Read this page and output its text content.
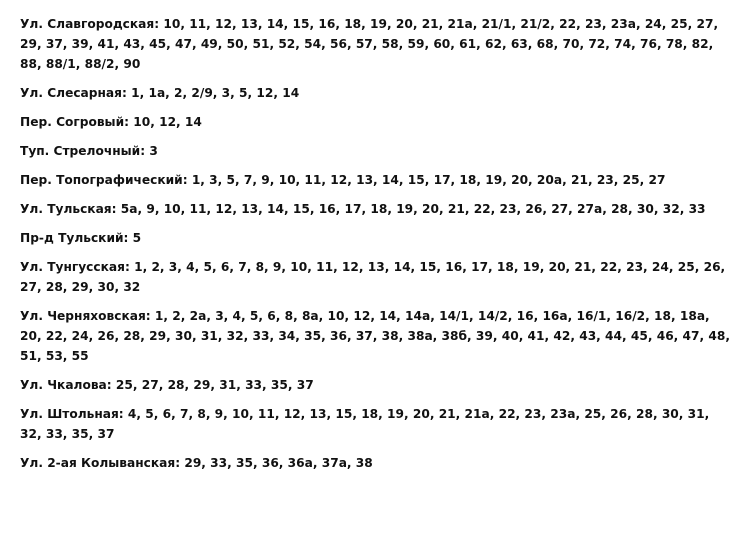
Ул. Славгородская: 10, 11, 12, 13, 14, 15, 16, 18, 19, 20, 21, 21а, 21/1, 21/2, 22, 23, 23а, 24, 25, 27, 29, 37, 39, 41, 43, 45, 47, 49, 50, 51, 52, 54, 56, 57, 58, 59, 60, 61, 62, 63, 68, 70, 72, 74, 76, 78, 82, 88, 88/1, 88/2, 90

Ул. Слесарная: 1, 1а, 2, 2/9, 3, 5, 12, 14

Пер. Согровый: 10, 12, 14

Туп. Стрелочный: 3

Пер. Топографический: 1, 3, 5, 7, 9, 10, 11, 12, 13, 14, 15, 17, 18, 19, 20, 20а, 21, 23, 25, 27

Ул. Тульская: 5а, 9, 10, 11, 12, 13, 14, 15, 16, 17, 18, 19, 20, 21, 22, 23, 26, 27, 27а, 28, 30, 32, 33

Пр-д Тульский: 5

Ул. Тунгусская: 1, 2, 3, 4, 5, 6, 7, 8, 9, 10, 11, 12, 13, 14, 15, 16, 17, 18, 19, 20, 21, 22, 23, 24, 25, 26, 27, 28, 29, 30, 32

Ул. Черняховская: 1, 2, 2а, 3, 4, 5, 6, 8, 8а, 10, 12, 14, 14а, 14/1, 14/2, 16, 16а, 16/1, 16/2, 18, 18а, 20, 22, 24, 26, 28, 29, 30, 31, 32, 33, 34, 35, 36, 37, 38, 38а, 38б, 39, 40, 41, 42, 43, 44, 45, 46, 47, 48, 51, 53, 55

Ул. Чкалова: 25, 27, 28, 29, 31, 33, 35, 37

Ул. Штольная: 4, 5, 6, 7, 8, 9, 10, 11, 12, 13, 15, 18, 19, 20, 21, 21а, 22, 23, 23а, 25, 26, 28, 30, 31, 32, 33, 35, 37

Ул. 2-ая Колыванская: 29, 33, 35, 36, 36а, 37а, 38
